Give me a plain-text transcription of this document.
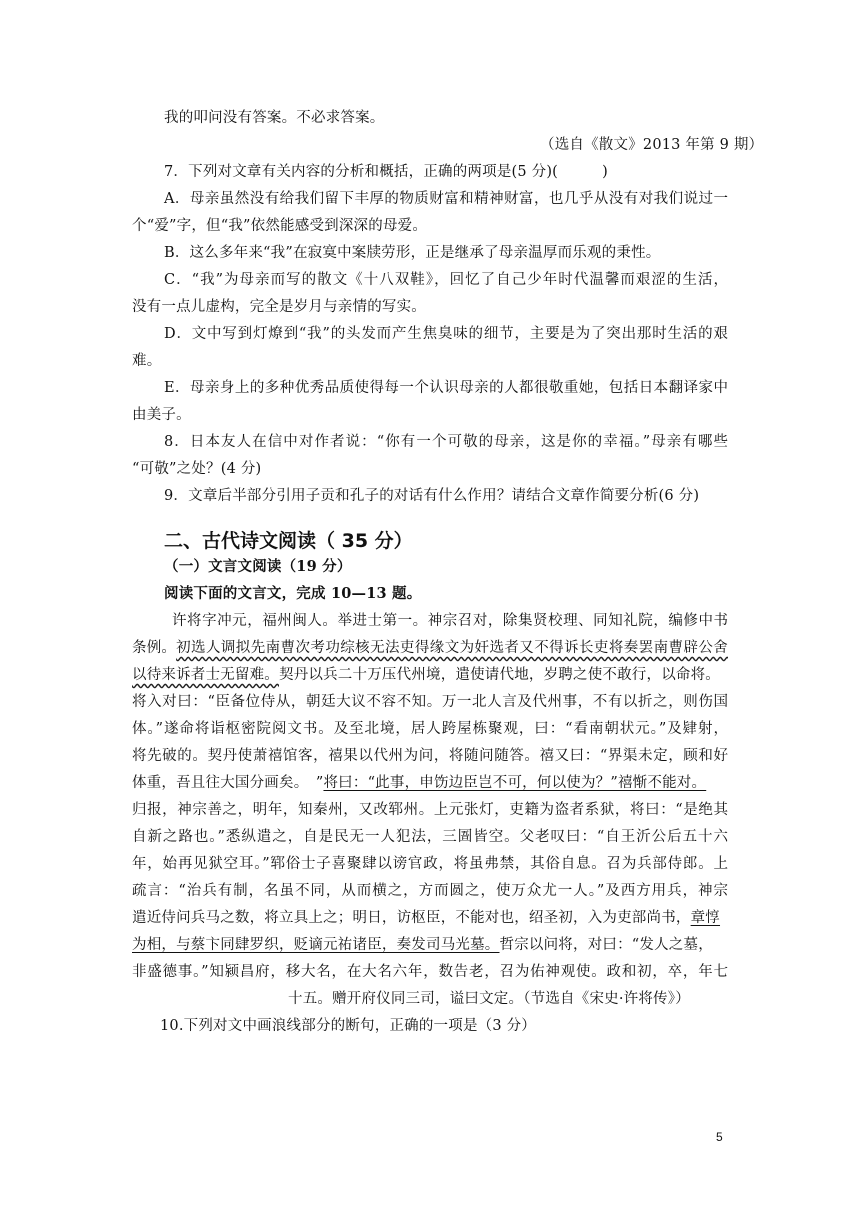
我的叩问没有答案。不必求答案。
（选自《散文》2013 年第 9 期）
7．下列对文章有关内容的分析和概括，正确的两项是(5 分)(　　　)
A．母亲虽然没有给我们留下丰厚的物质财富和精神财富，也几乎从没有对我们说过一
个“爱”字，但“我”依然能感受到深深的母爱。
B．这么多年来“我”在寂寞中案牍劳形，正是继承了母亲温厚而乐观的秉性。
C．“我”为母亲而写的散文《十八双鞋》，回忆了自己少年时代温馨而艰涩的生活，
没有一点儿虚构，完全是岁月与亲情的写实。
D．文中写到灯燎到“我”的头发而产生焦臭味的细节，主要是为了突出那时生活的艰
难。
E．母亲身上的多种优秀品质使得每一个认识母亲的人都很敬重她，包括日本翻译家中
由美子。
8．日本友人在信中对作者说：“你有一个可敬的母亲，这是你的幸福。”母亲有哪些
“可敬”之处？(4 分)
9．文章后半部分引用子贡和孔子的对话有什么作用？请结合文章作简要分析(6 分)
二、古代诗文阅读（ 35 分）
（一）文言文阅读（19 分）
阅读下面的文言文，完成 10—13 题。
许将字冲元，福州闽人。举进士第一。神宗召对，除集贤校理、同知礼院，编修中书
条例。 初选人调拟先南曹次考功综核无法吏得缘文为奸选者又不得诉长吏将奏罢南曹辟公舍
以待来诉者士无留难。契丹以兵二十万压代州境，遣使请代地，岁聘之使不敢行，以命将。
将入对曰：“臣备位侍从，朝廷大议不容不知。万一北人言及代州事，不有以折之，则伤国
体。”遂命将诣枢密院阅文书。及至北境，居人跨屋栋聚观，曰：“看南朝状元。”及肄射，
将先破的。契丹使萧禧馆客，禧果以代州为问，将随问随答。禧又曰：“界渠未定，顾和好
体重，吾且往大国分画矣。　”将曰：“此事，申饬边臣岂不可，何以使为？”禧惭不能对。
归报，神宗善之，明年，知秦州，又改郓州。上元张灯，吏籍为盗者系狱，将曰：“是绝其
自新之路也。”悉纵遣之，自是民无一人犯法，三圄皆空。父老叹曰：“自王沂公后五十六
年，始再见狱空耳。”郓俗士子喜聚肆以谤官政，将虽弗禁，其俗自息。召为兵部侍郎。上
疏言：“治兵有制，名虽不同，从而横之，方而圆之，使万众尤一人。”及西方用兵，神宗
遣近侍问兵马之数，将立具上之；明日，访枢臣，不能对也，绍圣初，入为吏部尚书，章惇
为相，与蔡卞同肆罗织，贬谪元祐诸臣，奏发司马光墓。哲宗以问将，对曰：“发人之墓，
非盛德事。”知颍昌府，移大名，在大名六年，数告老，召为佑神观使。政和初，卒，年七
十五。赠开府仪同三司，谥曰文定。（节选自《宋史·许将传》）
10.下列对文中画浪线部分的断句，正确的一项是（3 分）
5
